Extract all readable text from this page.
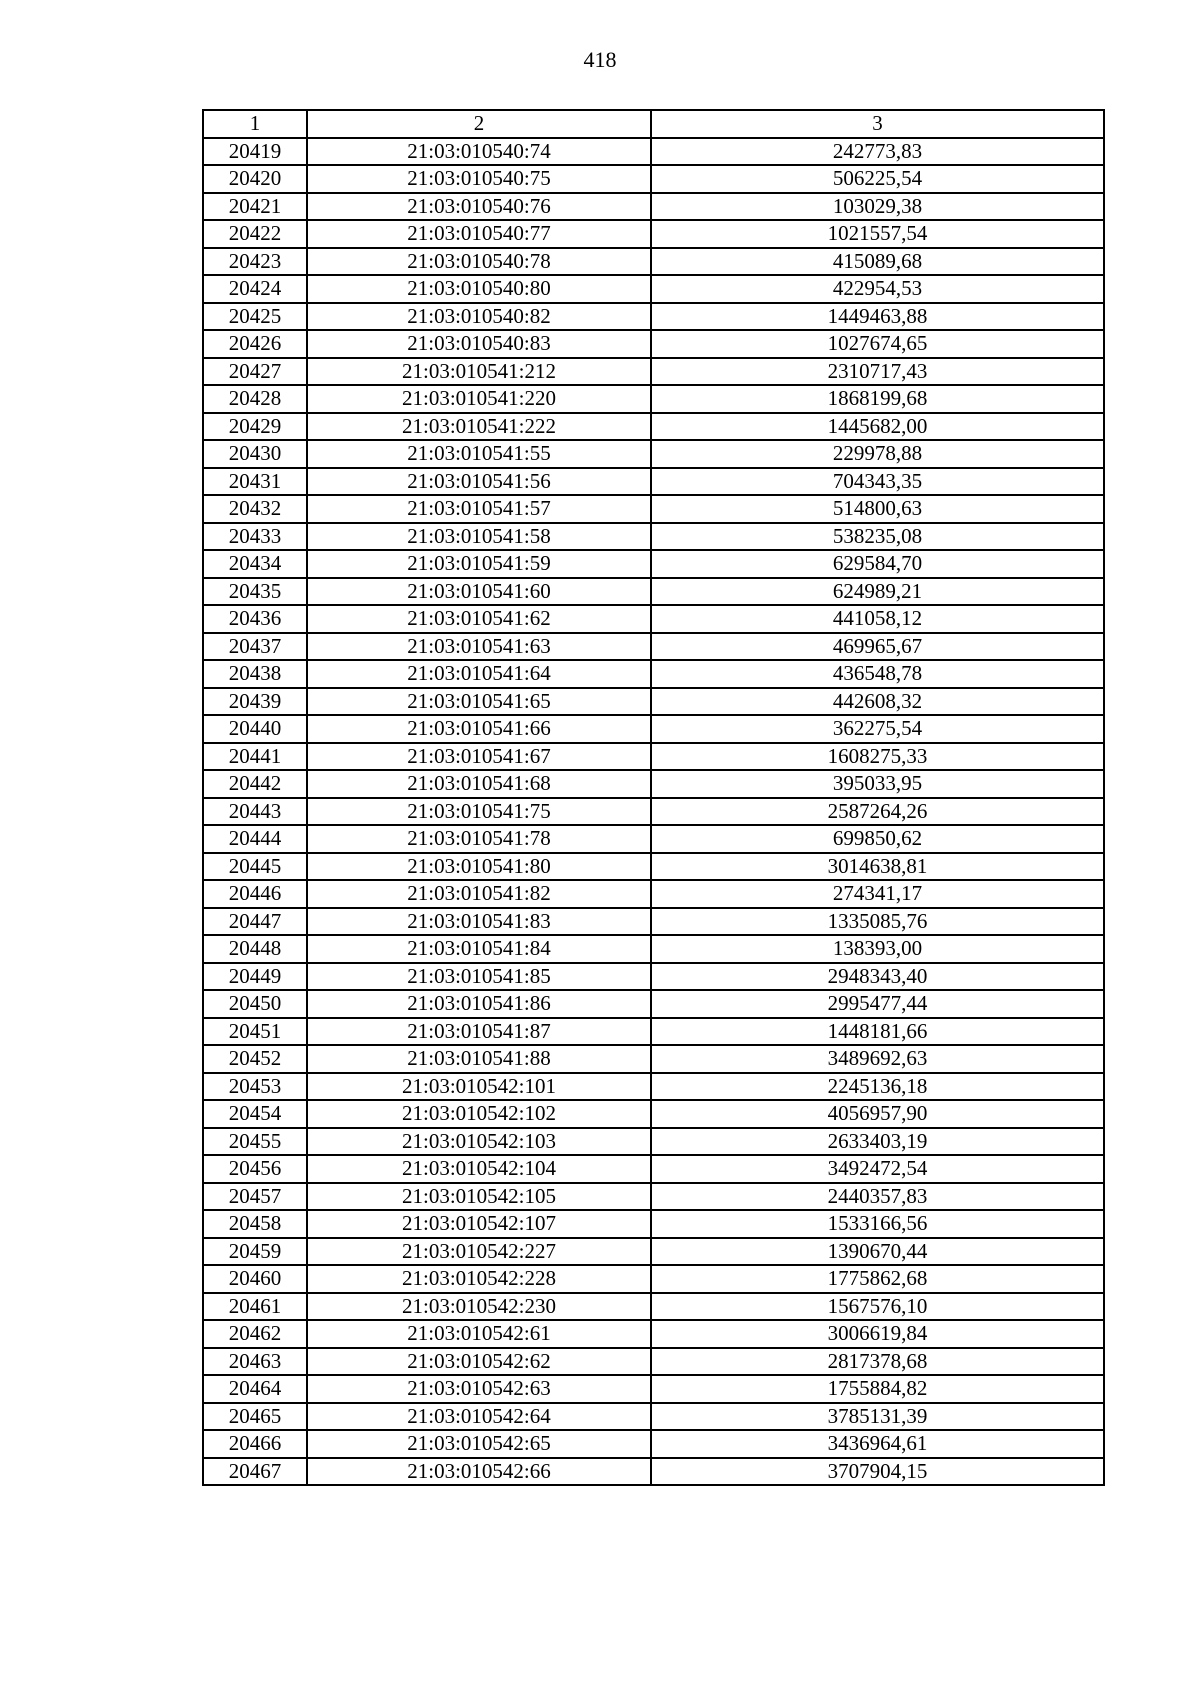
418
1	2	3
20419	21:03:010540:74	242773,83
20420	21:03:010540:75	506225,54
20421	21:03:010540:76	103029,38
20422	21:03:010540:77	1021557,54
20423	21:03:010540:78	415089,68
20424	21:03:010540:80	422954,53
20425	21:03:010540:82	1449463,88
20426	21:03:010540:83	1027674,65
20427	21:03:010541:212	2310717,43
20428	21:03:010541:220	1868199,68
20429	21:03:010541:222	1445682,00
20430	21:03:010541:55	229978,88
20431	21:03:010541:56	704343,35
20432	21:03:010541:57	514800,63
20433	21:03:010541:58	538235,08
20434	21:03:010541:59	629584,70
20435	21:03:010541:60	624989,21
20436	21:03:010541:62	441058,12
20437	21:03:010541:63	469965,67
20438	21:03:010541:64	436548,78
20439	21:03:010541:65	442608,32
20440	21:03:010541:66	362275,54
20441	21:03:010541:67	1608275,33
20442	21:03:010541:68	395033,95
20443	21:03:010541:75	2587264,26
20444	21:03:010541:78	699850,62
20445	21:03:010541:80	3014638,81
20446	21:03:010541:82	274341,17
20447	21:03:010541:83	1335085,76
20448	21:03:010541:84	138393,00
20449	21:03:010541:85	2948343,40
20450	21:03:010541:86	2995477,44
20451	21:03:010541:87	1448181,66
20452	21:03:010541:88	3489692,63
20453	21:03:010542:101	2245136,18
20454	21:03:010542:102	4056957,90
20455	21:03:010542:103	2633403,19
20456	21:03:010542:104	3492472,54
20457	21:03:010542:105	2440357,83
20458	21:03:010542:107	1533166,56
20459	21:03:010542:227	1390670,44
20460	21:03:010542:228	1775862,68
20461	21:03:010542:230	1567576,10
20462	21:03:010542:61	3006619,84
20463	21:03:010542:62	2817378,68
20464	21:03:010542:63	1755884,82
20465	21:03:010542:64	3785131,39
20466	21:03:010542:65	3436964,61
20467	21:03:010542:66	3707904,15
